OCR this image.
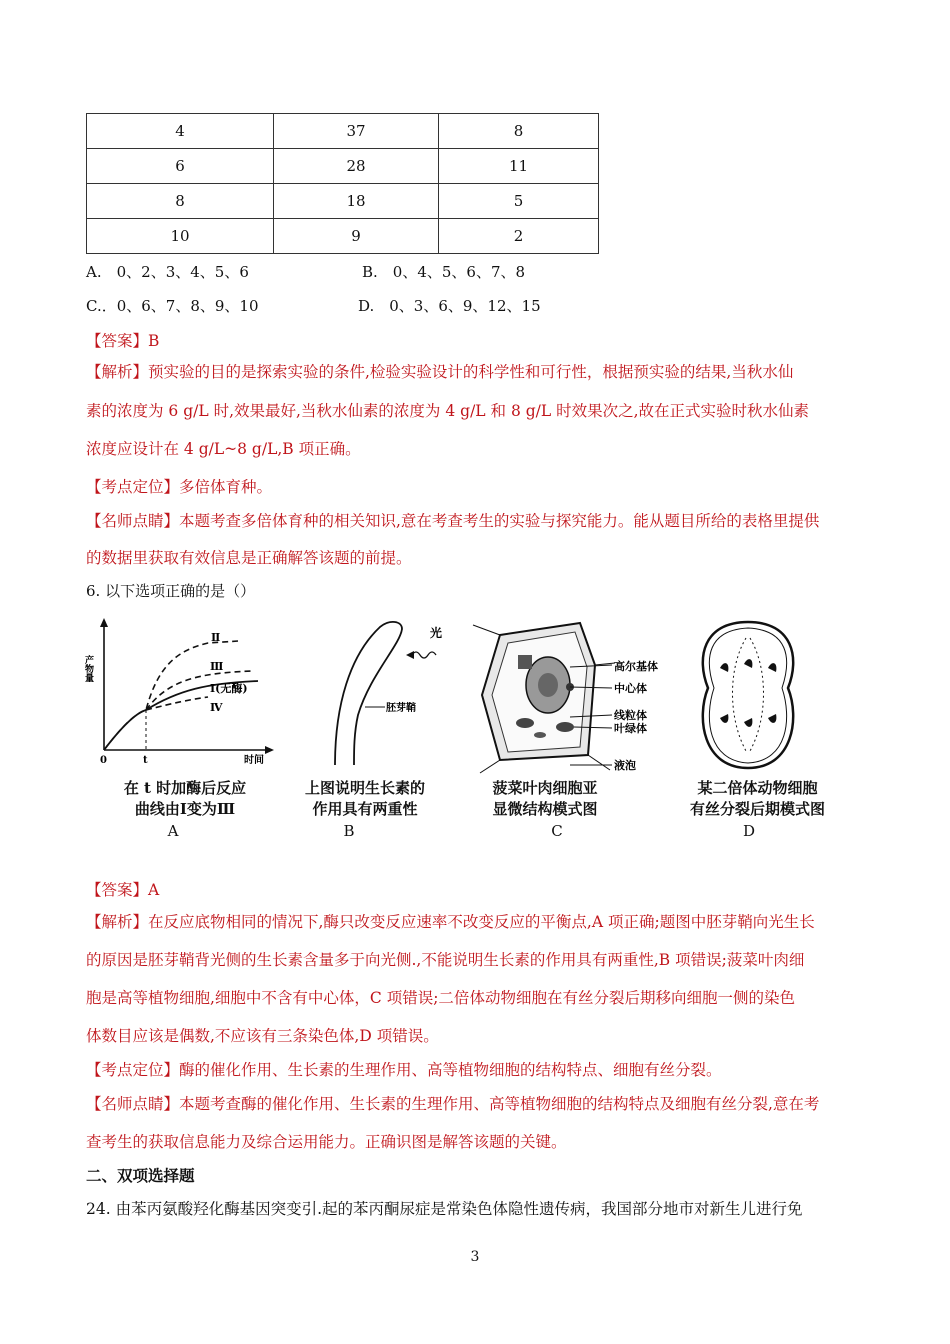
4	37	8
6	28	11
8	18	5
10	9	2
A.　0、2、3、4、5、6	B.　0、4、5、6、7、8
C.．0、6、7、8、9、10	D.　0、3、6、9、12、15
【答案】B
【解析】预实验的目的是探索实验的条件,检验实验设计的科学性和可行性，根据预实验的结果,当秋水仙
素的浓度为 6 g/L 时,效果最好,当秋水仙素的浓度为 4 g/L 和 8 g/L 时效果次之,故在正式实验时秋水仙素
浓度应设计在 4 g/L~8 g/L,B 项正确。
【考点定位】多倍体育种。
【名师点睛】本题考查多倍体育种的相关知识,意在考查考生的实验与探究能力。能从题目所给的表格里提供
的数据里获取有效信息是正确解答该题的前提。
6. 以下选项正确的是（）
产物量
时间
0	t
Ⅱ
Ⅲ
Ⅰ(无酶)
Ⅳ
在 t 时加酶后反应
曲线由Ⅰ变为Ⅲ
A
光
胚芽鞘
上图说明生长素的
作用具有两重性
B
高尔基体
中心体
线粒体
叶绿体
液泡
菠菜叶肉细胞亚
显微结构模式图
C
某二倍体动物细胞
有丝分裂后期模式图
D
【答案】A
【解析】在反应底物相同的情况下,酶只改变反应速率不改变反应的平衡点,A 项正确;题图中胚芽鞘向光生长
的原因是胚芽鞘背光侧的生长素含量多于向光侧.,不能说明生长素的作用具有两重性,B 项错误;菠菜叶肉细
胞是高等植物细胞,细胞中不含有中心体，C 项错误;二倍体动物细胞在有丝分裂后期移向细胞一侧的染色
体数目应该是偶数,不应该有三条染色体,D 项错误。
【考点定位】酶的催化作用、生长素的生理作用、高等植物细胞的结构特点、细胞有丝分裂。
【名师点睛】本题考查酶的催化作用、生长素的生理作用、高等植物细胞的结构特点及细胞有丝分裂,意在考
查考生的获取信息能力及综合运用能力。正确识图是解答该题的关键。
二、双项选择题
24. 由苯丙氨酸羟化酶基因突变引.起的苯丙酮尿症是常染色体隐性遗传病，我国部分地市对新生儿进行免
3
